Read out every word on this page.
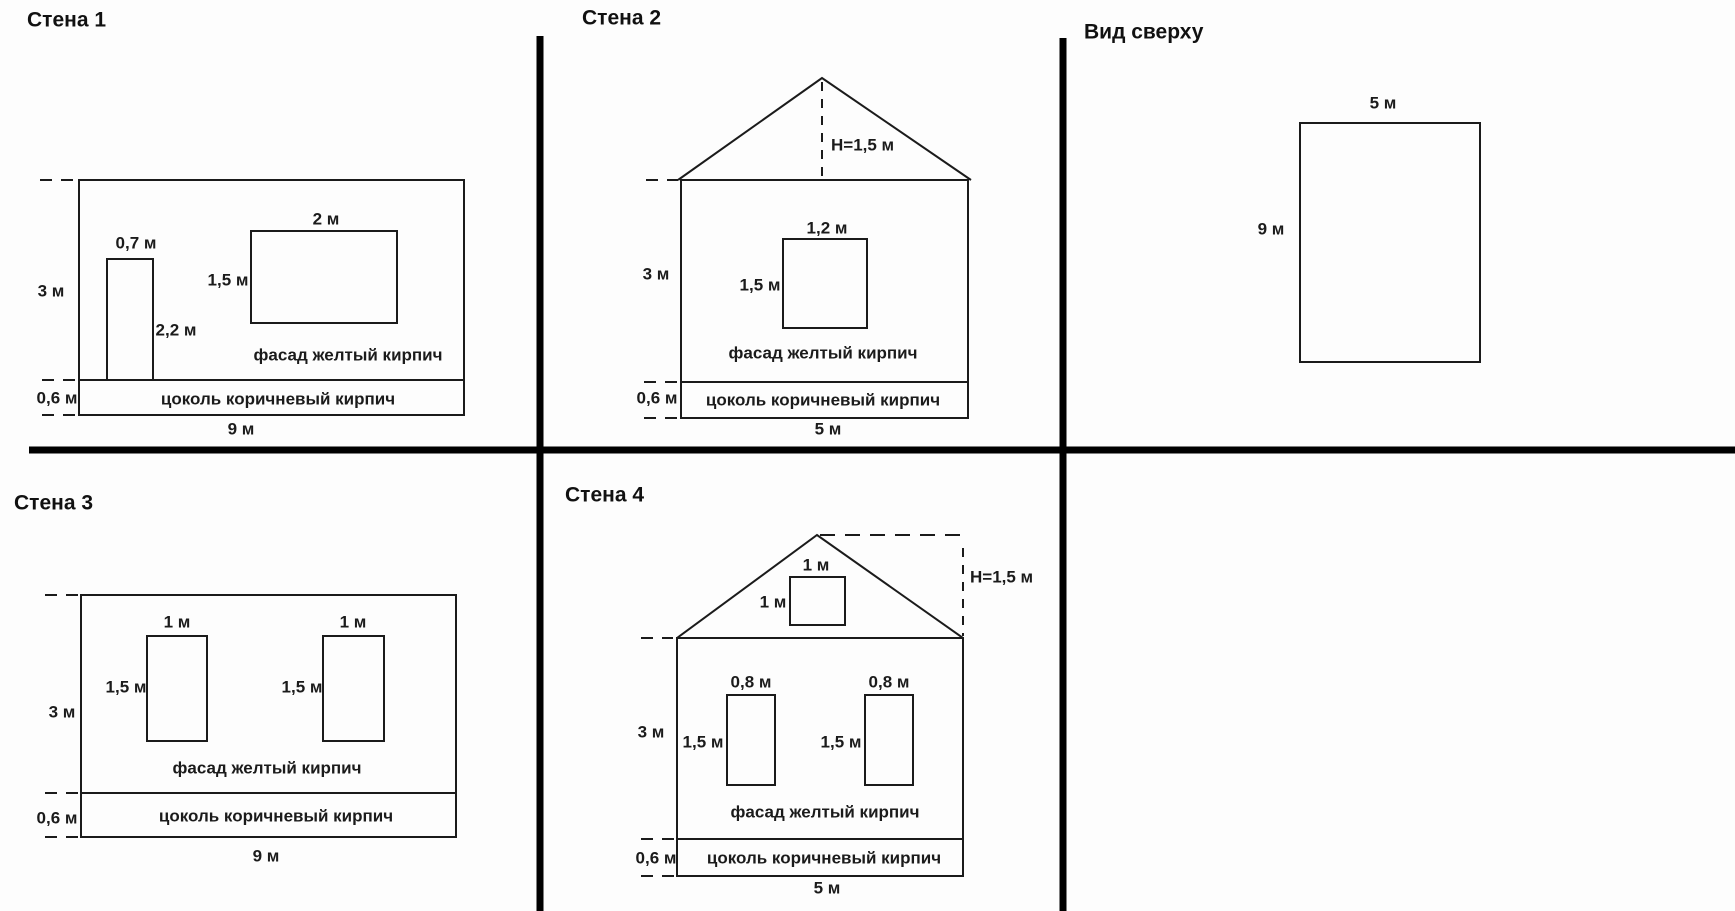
Стена 1
3 м
0,7 м
2 м
1,5 м
2,2 м
фасад желтый кирпич
0,6 м	цоколь коричневый кирпич
9 м
Стена 2
H=1,5 м
3 м
1,2 м
1,5 м
фасад желтый кирпич
0,6 м цоколь коричневый кирпич
5 м
Вид сверху
5 м
9 м
Стена 3
1 м	1 м
1,5 м	1,5 м
3 м
фасад желтый кирпич
0,6 м	цоколь коричневый кирпич
9 м
Стена 4
1 м
1 м
H=1,5 м
0,8 м	0,8 м
1,5 м	1,5 м
3 м
фасад желтый кирпич
0,6 м цоколь коричневый кирпич
5 м
